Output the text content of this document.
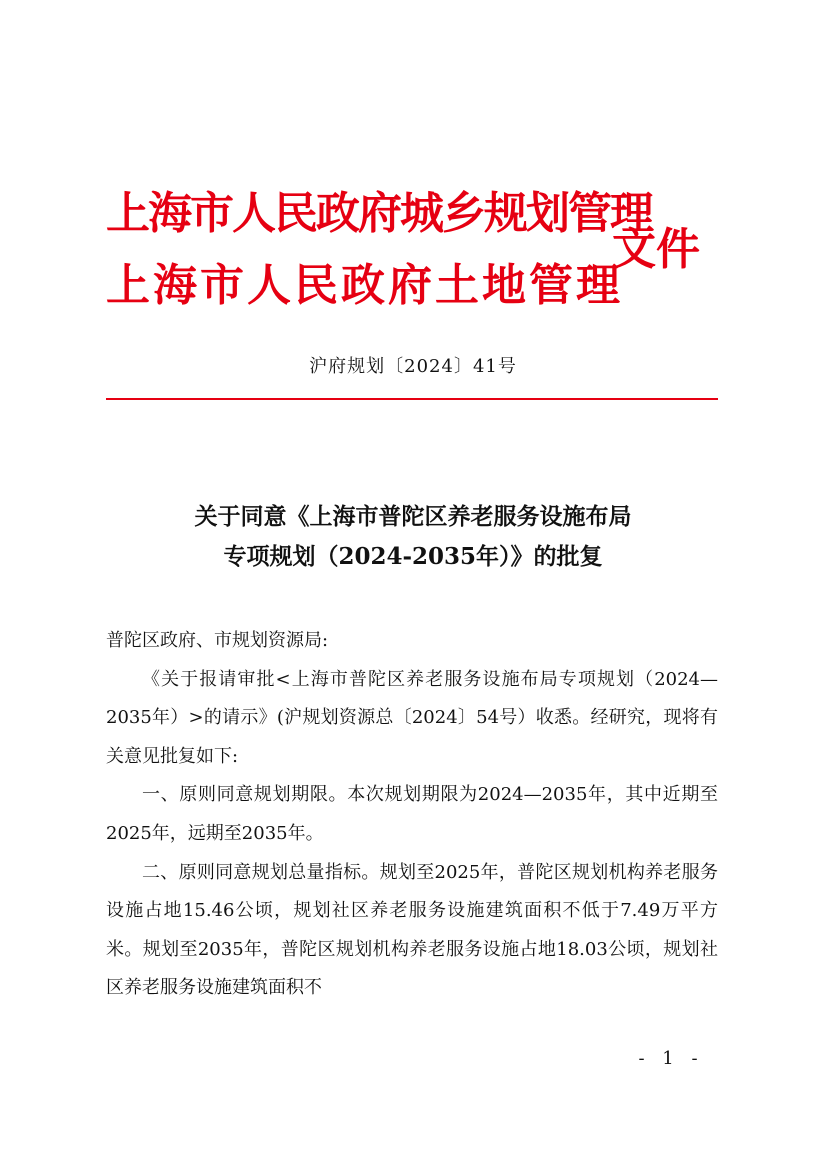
上海市人民政府城乡规划管理
上海市人民政府土地管理
文件
沪府规划〔2024〕41号
关于同意《上海市普陀区养老服务设施布局
专项规划（2024-2035年）》的批复

普陀区政府、市规划资源局:

《关于报请审批<上海市普陀区养老服务设施布局专项规划（2024—2035年）>的请示》(沪规划资源总〔2024〕54号）收悉。经研究，现将有关意见批复如下:

一、原则同意规划期限。本次规划期限为2024—2035年，其中近期至2025年，远期至2035年。

二、原则同意规划总量指标。规划至2025年，普陀区规划机构养老服务设施占地15.46公顷，规划社区养老服务设施建筑面积不低于7.49万平方米。规划至2035年，普陀区规划机构养老服务设施占地18.03公顷，规划社区养老服务设施建筑面积不

- 1 -
